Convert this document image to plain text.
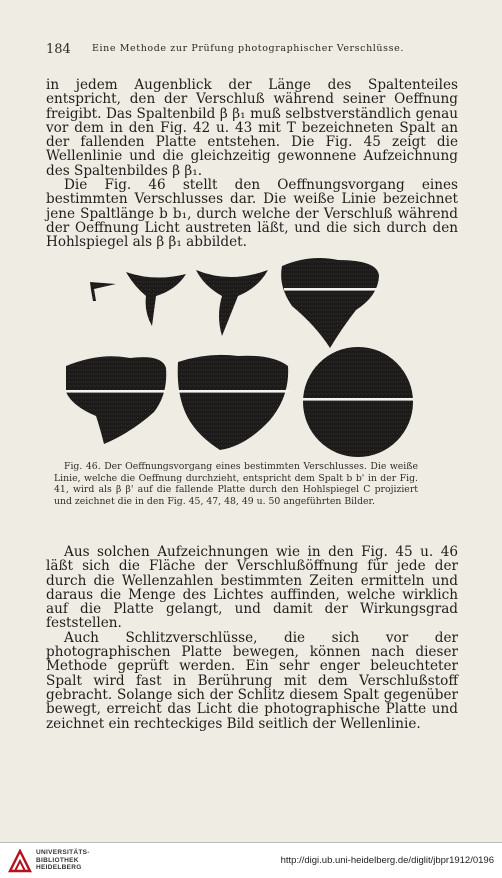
184 Eine Methode zur Prüfung photographischer Verschlüsse.

in jedem Augenblick der Länge des Spaltenteiles entspricht, den der Verschluß während seiner Oeffnung freigibt. Das Spaltenbild β β₁ muß selbstverständlich genau vor dem in den Fig. 42 u. 43 mit T bezeichneten Spalt an der fallenden Platte entstehen. Die Fig. 45 zeigt die Wellenlinie und die gleichzeitig gewonnene Aufzeichnung des Spaltenbildes β β₁.

Die Fig. 46 stellt den Oeffnungsvorgang eines bestimmten Verschlusses dar. Die weiße Linie bezeichnet jene Spaltlänge b b₁, durch welche der Verschluß während der Oeffnung Licht austreten läßt, und die sich durch den Hohlspiegel als β β₁ abbildet.

Fig. 46. Der Oeffnungsvorgang eines bestimmten Verschlusses. Die weiße Linie, welche die Oeffnung durchzieht, entspricht dem Spalt b b' in der Fig. 41, wird als β β' auf die fallende Platte durch den Hohlspiegel C projiziert und zeichnet die in den Fig. 45, 47, 48, 49 u. 50 angeführten Bilder.

Aus solchen Aufzeichnungen wie in den Fig. 45 u. 46 läßt sich die Fläche der Verschlußöffnung für jede der durch die Wellenzahlen bestimmten Zeiten ermitteln und daraus die Menge des Lichtes auffinden, welche wirklich auf die Platte gelangt, und damit der Wirkungsgrad feststellen.

Auch Schlitzverschlüsse, die sich vor der photographischen Platte bewegen, können nach dieser Methode geprüft werden. Ein sehr enger beleuchteter Spalt wird fast in Berührung mit dem Verschlußstoff gebracht. Solange sich der Schlitz diesem Spalt gegenüber bewegt, erreicht das Licht die photographische Platte und zeichnet ein rechteckiges Bild seitlich der Wellenlinie.

UNIVERSITÄTS-
BIBLIOTHEK
HEIDELBERG
http://digi.ub.uni-heidelberg.de/diglit/jbpr1912/0196
